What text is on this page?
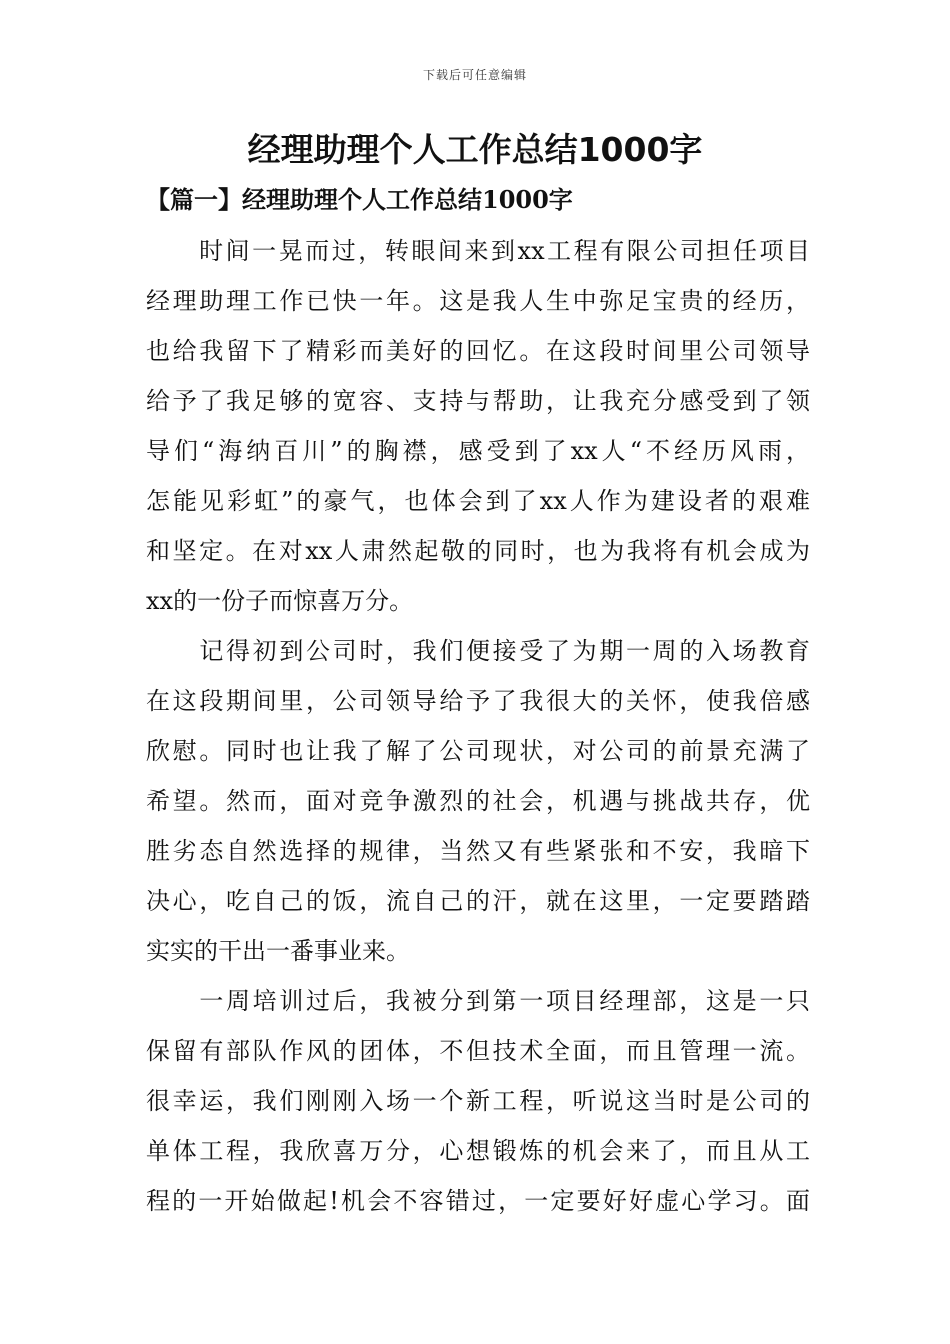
下载后可任意编辑
经理助理个人工作总结1000字
【篇一】经理助理个人工作总结1000字

　　时间一晃而过，转眼间来到xx工程有限公司担任项目
经理助理工作已快一年。这是我人生中弥足宝贵的经历，
也给我留下了精彩而美好的回忆。在这段时间里公司领导
给予了我足够的宽容、支持与帮助，让我充分感受到了领
导们“海纳百川”的胸襟，感受到了xx人“不经历风雨，
怎能见彩虹”的豪气，也体会到了xx人作为建设者的艰难
和坚定。在对xx人肃然起敬的同时，也为我将有机会成为
xx的一份子而惊喜万分。

　　记得初到公司时，我们便接受了为期一周的入场教育
在这段期间里，公司领导给予了我很大的关怀，使我倍感
欣慰。同时也让我了解了公司现状，对公司的前景充满了
希望。然而，面对竞争激烈的社会，机遇与挑战共存，优
胜劣态自然选择的规律，当然又有些紧张和不安，我暗下
决心，吃自己的饭，流自己的汗，就在这里，一定要踏踏
实实的干出一番事业来。

　　一周培训过后，我被分到第一项目经理部，这是一只
保留有部队作风的团体，不但技术全面，而且管理一流。
很幸运，我们刚刚入场一个新工程，听说这当时是公司的
单体工程，我欣喜万分，心想锻炼的机会来了，而且从工
程的一开始做起!机会不容错过，一定要好好虚心学习。面
